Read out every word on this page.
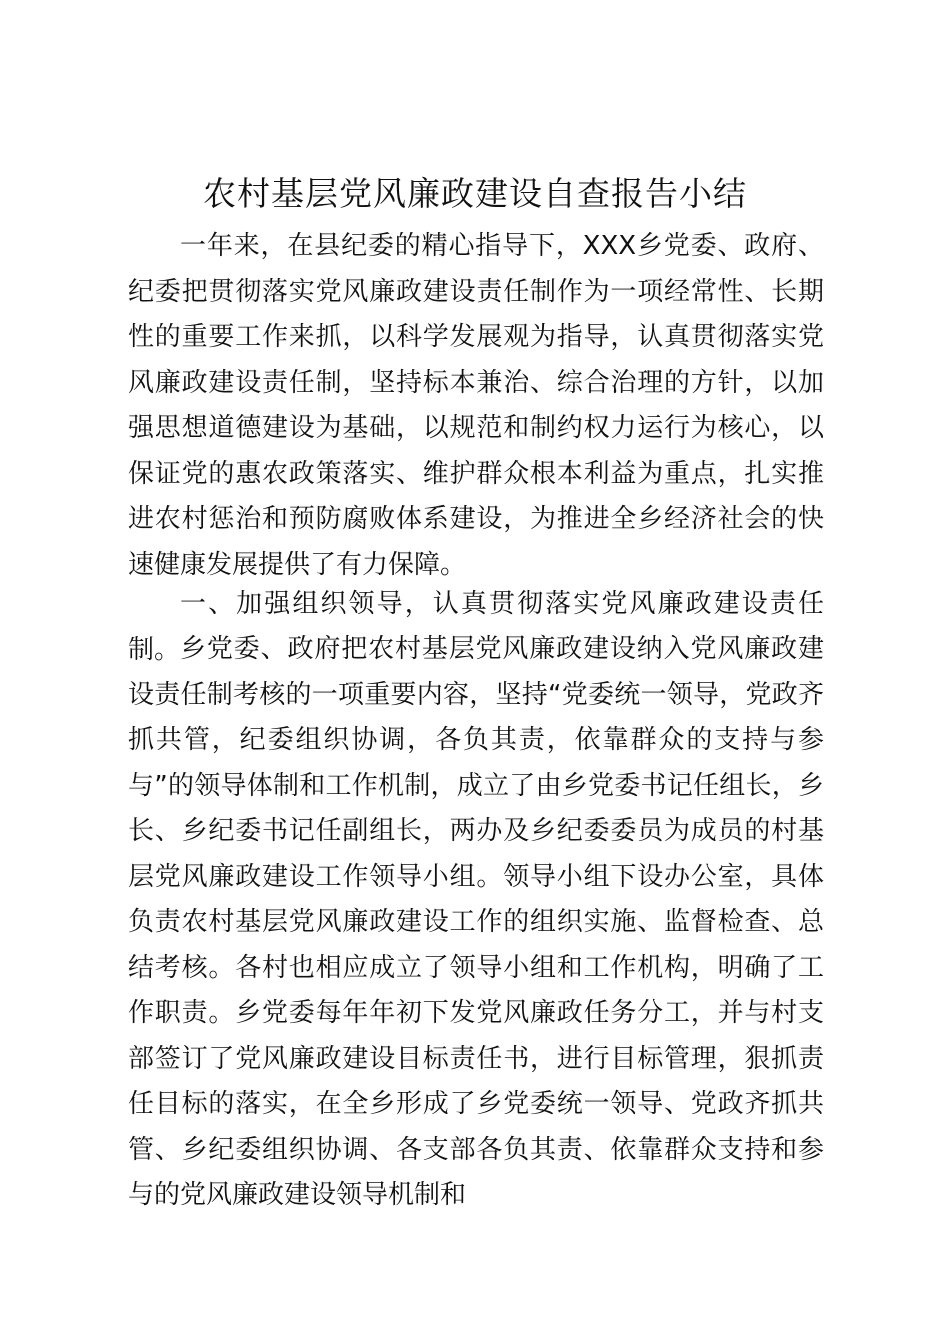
农村基层党风廉政建设自查报告小结

一年来，在县纪委的精心指导下，XXX乡党委、政府、纪委把贯彻落实党风廉政建设责任制作为一项经常性、长期性的重要工作来抓，以科学发展观为指导，认真贯彻落实党风廉政建设责任制，坚持标本兼治、综合治理的方针，以加强思想道德建设为基础，以规范和制约权力运行为核心，以保证党的惠农政策落实、维护群众根本利益为重点，扎实推进农村惩治和预防腐败体系建设，为推进全乡经济社会的快速健康发展提供了有力保障。

一、加强组织领导，认真贯彻落实党风廉政建设责任制。 乡党委、政府把农村基层党风廉政建设纳入党风廉政建设责任制考核的一项重要内容，坚持“党委统一领导，党政齐抓共管，纪委组织协调，各负其责，依靠群众的支持与参与”的领导体制和工作机制，成立了由乡党委书记任组长，乡长、乡纪委书记任副组长，两办及乡纪委委员为成员的村基层党风廉政建设工作领导小组。领导小组下设办公室，具体负责农村基层党风廉政建设工作的组织实施、监督检查、总结考核。各村也相应成立了领导小组和工作机构，明确了工作职责。乡党委每年年初下发党风廉政任务分工，并与村支部签订了党风廉政建设目标责任书，进行目标管理，狠抓责任目标的落实，在全乡形成了乡党委统一领导、党政齐抓共管、乡纪委组织协调、各支部各负其责、依靠群众支持和参与的党风廉政建设领导机制和
